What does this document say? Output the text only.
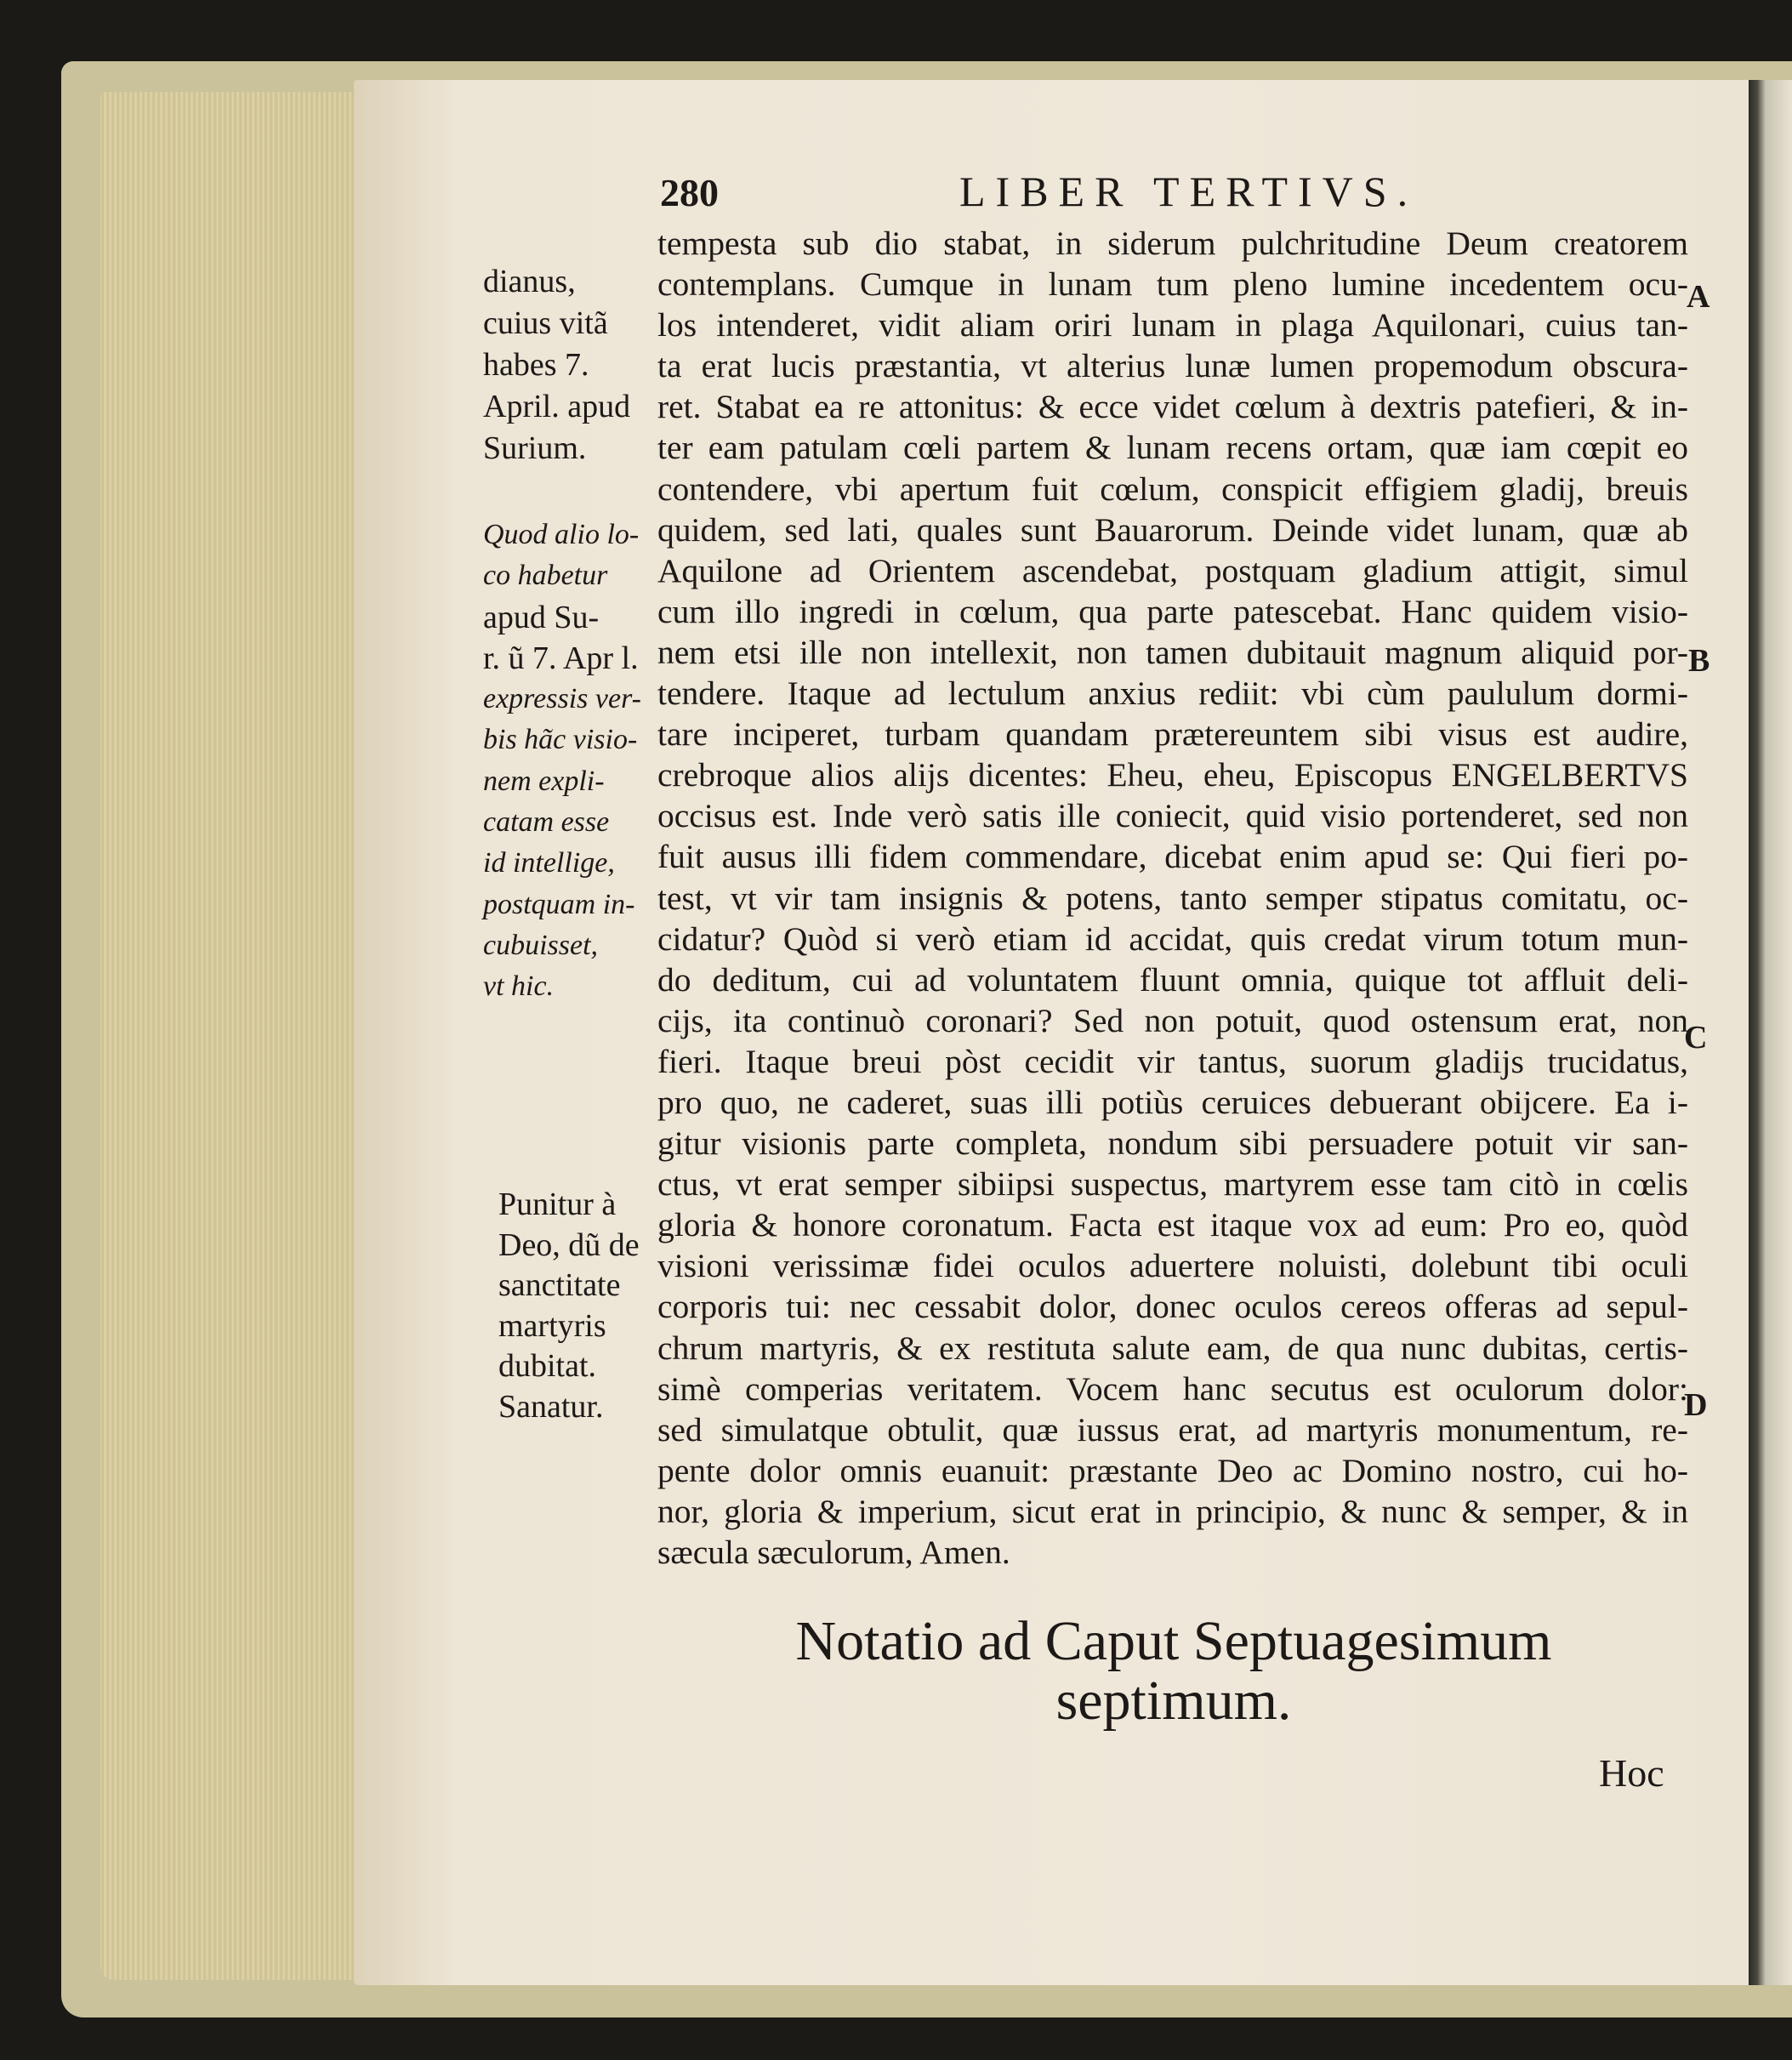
280	LIBER TERTIVS.
tempesta sub dio stabat, in siderum pulchritudine Deum creatorem
contemplans. Cumque in lunam tum pleno lumine incedentem ocu-
los intenderet, vidit aliam oriri lunam in plaga Aquilonari, cuius tan-
ta erat lucis præstantia, vt alterius lunæ lumen propemodum obscura-
ret. Stabat ea re attonitus: & ecce videt cœlum à dextris patefieri, & in-
ter eam patulam cœli partem & lunam recens ortam, quæ iam cœpit eo
contendere, vbi apertum fuit cœlum, conspicit effigiem gladij, breuis
quidem, sed lati, quales sunt Bauarorum. Deinde videt lunam, quæ ab
Aquilone ad Orientem ascendebat, postquam gladium attigit, simul
cum illo ingredi in cœlum, qua parte patescebat. Hanc quidem visio-
nem etsi ille non intellexit, non tamen dubitauit magnum aliquid por-
tendere. Itaque ad lectulum anxius rediit: vbi cùm paululum dormi-
tare inciperet, turbam quandam prætereuntem sibi visus est audire,
crebroque alios alijs dicentes: Eheu, eheu, Episcopus ENGELBERTVS
occisus est. Inde verò satis ille coniecit, quid visio portenderet, sed non
fuit ausus illi fidem commendare, dicebat enim apud se: Qui fieri po-
test, vt vir tam insignis & potens, tanto semper stipatus comitatu, oc-
cidatur? Quòd si verò etiam id accidat, quis credat virum totum mun-
do deditum, cui ad voluntatem fluunt omnia, quique tot affluit deli-
cijs, ita continuò coronari? Sed non potuit, quod ostensum erat, non
fieri. Itaque breui pòst cecidit vir tantus, suorum gladijs trucidatus,
pro quo, ne caderet, suas illi potiùs ceruices debuerant obijcere. Ea i-
gitur visionis parte completa, nondum sibi persuadere potuit vir san-
ctus, vt erat semper sibiipsi suspectus, martyrem esse tam citò in cœlis
gloria & honore coronatum. Facta est itaque vox ad eum: Pro eo, quòd
visioni verissimæ fidei oculos aduertere noluisti, dolebunt tibi oculi
corporis tui: nec cessabit dolor, donec oculos cereos offeras ad sepul-
chrum martyris, & ex restituta salute eam, de qua nunc dubitas, certis-
simè comperias veritatem. Vocem hanc secutus est oculorum dolor:
sed simulatque obtulit, quæ iussus erat, ad martyris monumentum, re-
pente dolor omnis euanuit: præstante Deo ac Domino nostro, cui ho-
nor, gloria & imperium, sicut erat in principio, & nunc & semper, & in
sæcula sæculorum, Amen.
dianus,
cuius vitã
habes 7.
April. apud
Surium.
Quod alio lo-
co habetur
apud Su-
r. ũ 7. Apr l.
expressis ver-
bis hãc visio-
nem expli-
catam esse
id intellige,
postquam in-
cubuisset,
vt hic.
Punitur à
Deo, dũ de
sanctitate
martyris
dubitat.
Sanatur.
A
B
C
D
Notatio ad Caput Septuagesimum
septimum.
Hoc
